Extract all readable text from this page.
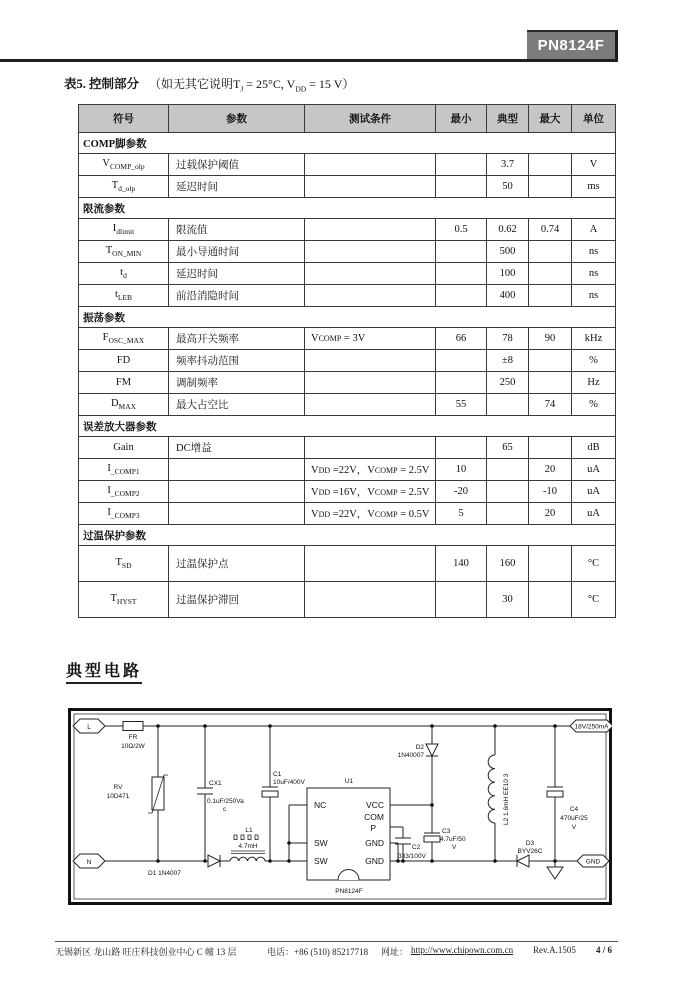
PN8124F
表5. 控制部分 （如无其它说明$T_J = 25^\circ C$, $V_{DD} = 15$ V）
符号	参数	测试条件	最小	典型	最大	单位
COMP脚参数						
$V_{COMP\_olp}$	过载保护阈值			3.7		V
$T_{d\_olp}$	延迟时间			50		ms
限流参数						
$I_{dlimit}$	限流值		0.5	0.62	0.74	A
$T_{ON\_MIN}$	最小导通时间			500		ns
$t_d$	延迟时间			100		ns
$t_{LEB}$	前沿消隐时间			400		ns
振荡参数						
$F_{OSC\_MAX}$	最高开关频率	VCOMP = 3V	66	78	90	kHz
FD	频率抖动范围			±8		%
FM	调制频率			250		Hz
$D_{MAX}$	最大占空比		55		74	%
误差放大器参数						
Gain	DC增益			65		dB
$I_{\_COMP1}$		VDD =22V，VCOMP = 2.5V	10		20	uA
$I_{\_COMP2}$		VDD =16V，VCOMP = 2.5V	-20		-10	uA
$I_{\_COMP3}$		VDD =22V，VCOMP = 0.5V	5		20	uA
过温保护参数						
$T_{SD}$	过温保护点		140	160		°C
$T_{HYST}$	过温保护滞回			30		°C
典型电路
L
N
18V/250mA
GND
FR
10Ω/2W
RV
10D471
CX1
0.1uF/250Va
c
C1
10uF/400V
D1 1N4007
L1
4.7mH
U1
NC
SW
SW
VCC
COM
P
GND
GND
PN8124F
D2
1N40007
C2
333/100V
C3
4.7uF/50
V
L2 1.6mH EE10 3	C4
470uF/25
V
D3
BYV26C
无锡新区 龙山路 旺庄科技创业中心 C 幢 13 层	电话：+86 (510) 85217718 网址： http://www.chipown.com.cn Rev.A.1505 4 / 6
